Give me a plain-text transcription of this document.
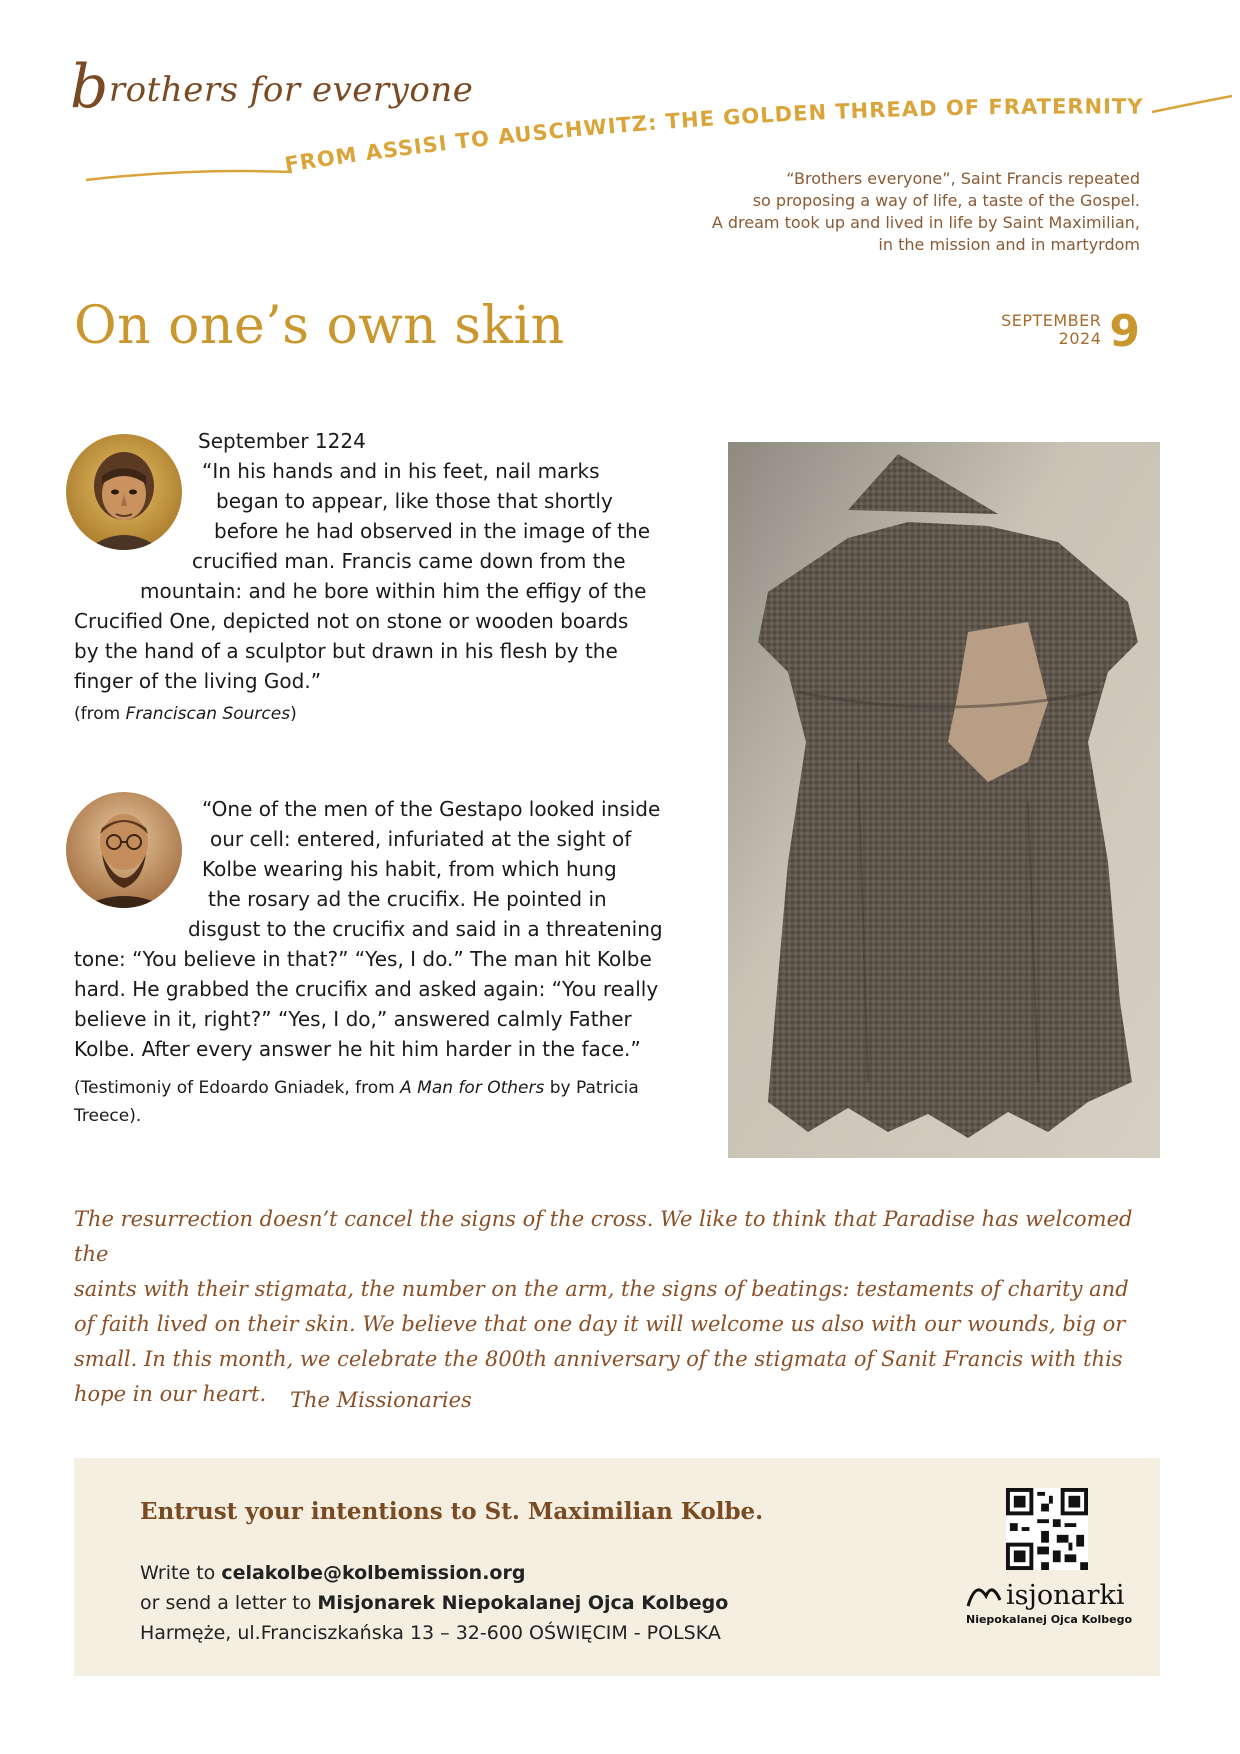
brothers for everyone
FROM ASSISI TO AUSCHWITZ: THE GOLDEN THREAD OF FRATERNITY
“Brothers everyone”, Saint Francis repeated
so proposing a way of life, a taste of the Gospel.
A dream took up and lived in life by Saint Maximilian,
in the mission and in martyrdom
On one’s own skin	SEPTEMBER
2024 9
September 1224
“In his hands and in his feet, nail marks
began to appear, like those that shortly
before he had observed in the image of the
crucified man. Francis came down from the
mountain: and he bore within him the effigy of the
Crucified One, depicted not on stone or wooden boards
by the hand of a sculptor but drawn in his flesh by the
finger of the living God.”
(from Franciscan Sources)
“One of the men of the Gestapo looked inside
our cell: entered, infuriated at the sight of
Kolbe wearing his habit, from which hung
the rosary ad the crucifix. He pointed in
disgust to the crucifix and said in a threatening
tone: “You believe in that?” “Yes, I do.” The man hit Kolbe
hard. He grabbed the crucifix and asked again: “You really
believe in it, right?” “Yes, I do,” answered calmly Father
Kolbe. After every answer he hit him harder in the face.”
(Testimoniy of Edoardo Gniadek, from A Man for Others by Patricia
Treece).
The resurrection doesn’t cancel the signs of the cross. We like to think that Paradise has welcomed the
saints with their stigmata, the number on the arm, the signs of beatings: testaments of charity and
of faith lived on their skin. We believe that one day it will welcome us also with our wounds, big or
small. In this month, we celebrate the 800th anniversary of the stigmata of Sanit Francis with this
hope in our heart.	The Missionaries
Entrust your intentions to St. Maximilian Kolbe.
Write to celakolbe@kolbemission.org
or send a letter to Misjonarek Niepokalanej Ojca Kolbego
Harmęże, ul.Franciszkańska 13 – 32-600 OŚWIĘCIM - POLSKA
isjonarki
Niepokalanej Ojca Kolbego
